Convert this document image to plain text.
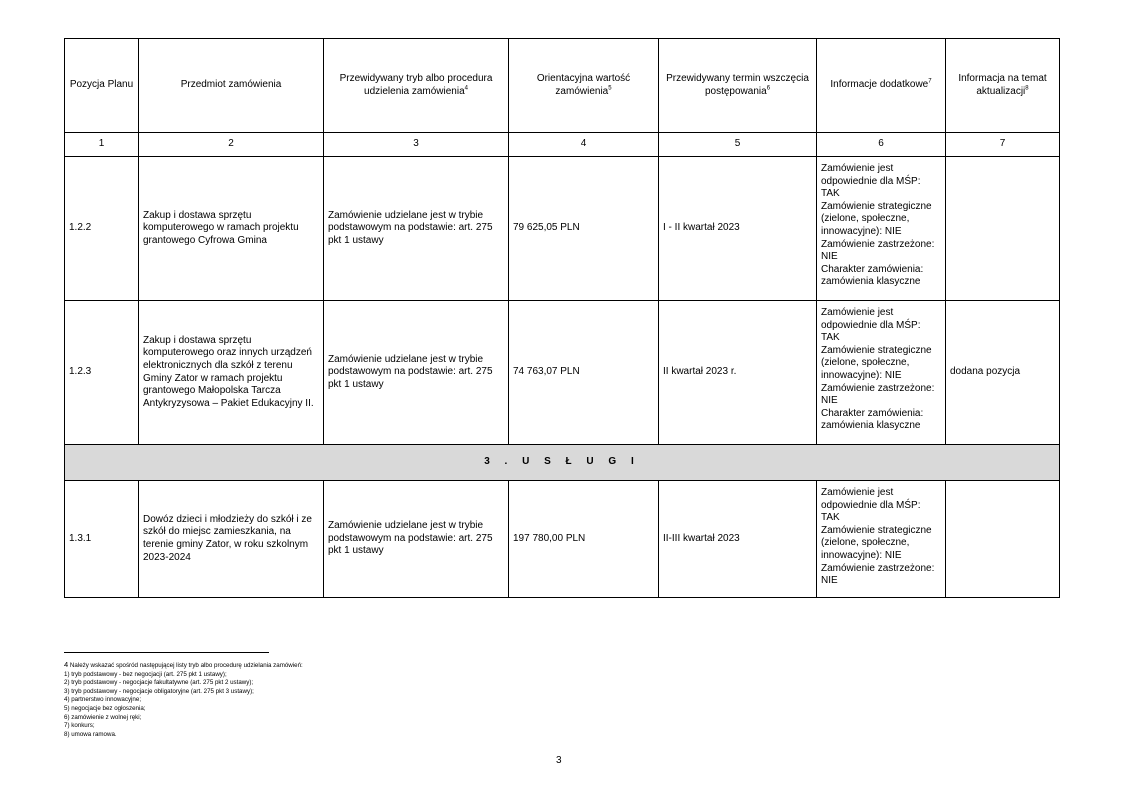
Pozycja Planu	Przedmiot zamówienia	Przewidywany tryb albo procedura udzielenia zamówienia$^4$	Orientacyjna wartość zamówienia$^5$	Przewidywany termin wszczęcia postępowania$^6$	Informacje dodatkowe$^7$	Informacja na temat aktualizacji$^8$
1	2	3	4	5	6	7
1.2.2	Zakup i dostawa sprzętu komputerowego w ramach projektu grantowego Cyfrowa Gmina	Zamówienie udzielane jest w trybie podstawowym na podstawie: art. 275 pkt 1 ustawy	79 625,05 PLN	I - II kwartał 2023	Zamówienie jest odpowiednie dla MŚP: TAK
Zamówienie strategiczne (zielone, społeczne, innowacyjne): NIE
Zamówienie zastrzeżone: NIE
Charakter zamówienia: zamówienia klasyczne	

1.2.3	Zakup i dostawa sprzętu komputerowego oraz innych urządzeń elektronicznych dla szkół z terenu Gminy Zator w ramach projektu grantowego Małopolska Tarcza Antykryzysowa – Pakiet Edukacyjny II.	Zamówienie udzielane jest w trybie podstawowym na podstawie: art. 275 pkt 1 ustawy	74 763,07 PLN	II kwartał 2023 r.	Zamówienie jest odpowiednie dla MŚP: TAK
Zamówienie strategiczne (zielone, społeczne, innowacyjne): NIE
Zamówienie zastrzeżone: NIE
Charakter zamówienia: zamówienia klasyczne	dodana pozycja
3 . U S Ł U G I						
1.3.1	Dowóz dzieci i młodzieży do szkół i ze szkół do miejsc zamieszkania, na terenie gminy Zator, w roku szkolnym 2023-2024	Zamówienie udzielane jest w trybie podstawowym na podstawie: art. 275 pkt 1 ustawy	197 780,00 PLN	II-III kwartał 2023	Zamówienie jest odpowiednie dla MŚP: TAK
Zamówienie strategiczne (zielone, społeczne, innowacyjne): NIE
Zamówienie zastrzeżone: NIE	

4 Należy wskazać spośród następującej listy tryb albo procedurę udzielania zamówień:
1) tryb podstawowy - bez negocjacji (art. 275 pkt 1 ustawy);
2) tryb podstawowy - negocjacje fakultatywne (art. 275 pkt 2 ustawy);
3) tryb podstawowy - negocjacje obligatoryjne (art. 275 pkt 3 ustawy);
4) partnerstwo innowacyjne;
5) negocjacje bez ogłoszenia;
6) zamówienie z wolnej ręki;
7) konkurs;
8) umowa ramowa.
3
